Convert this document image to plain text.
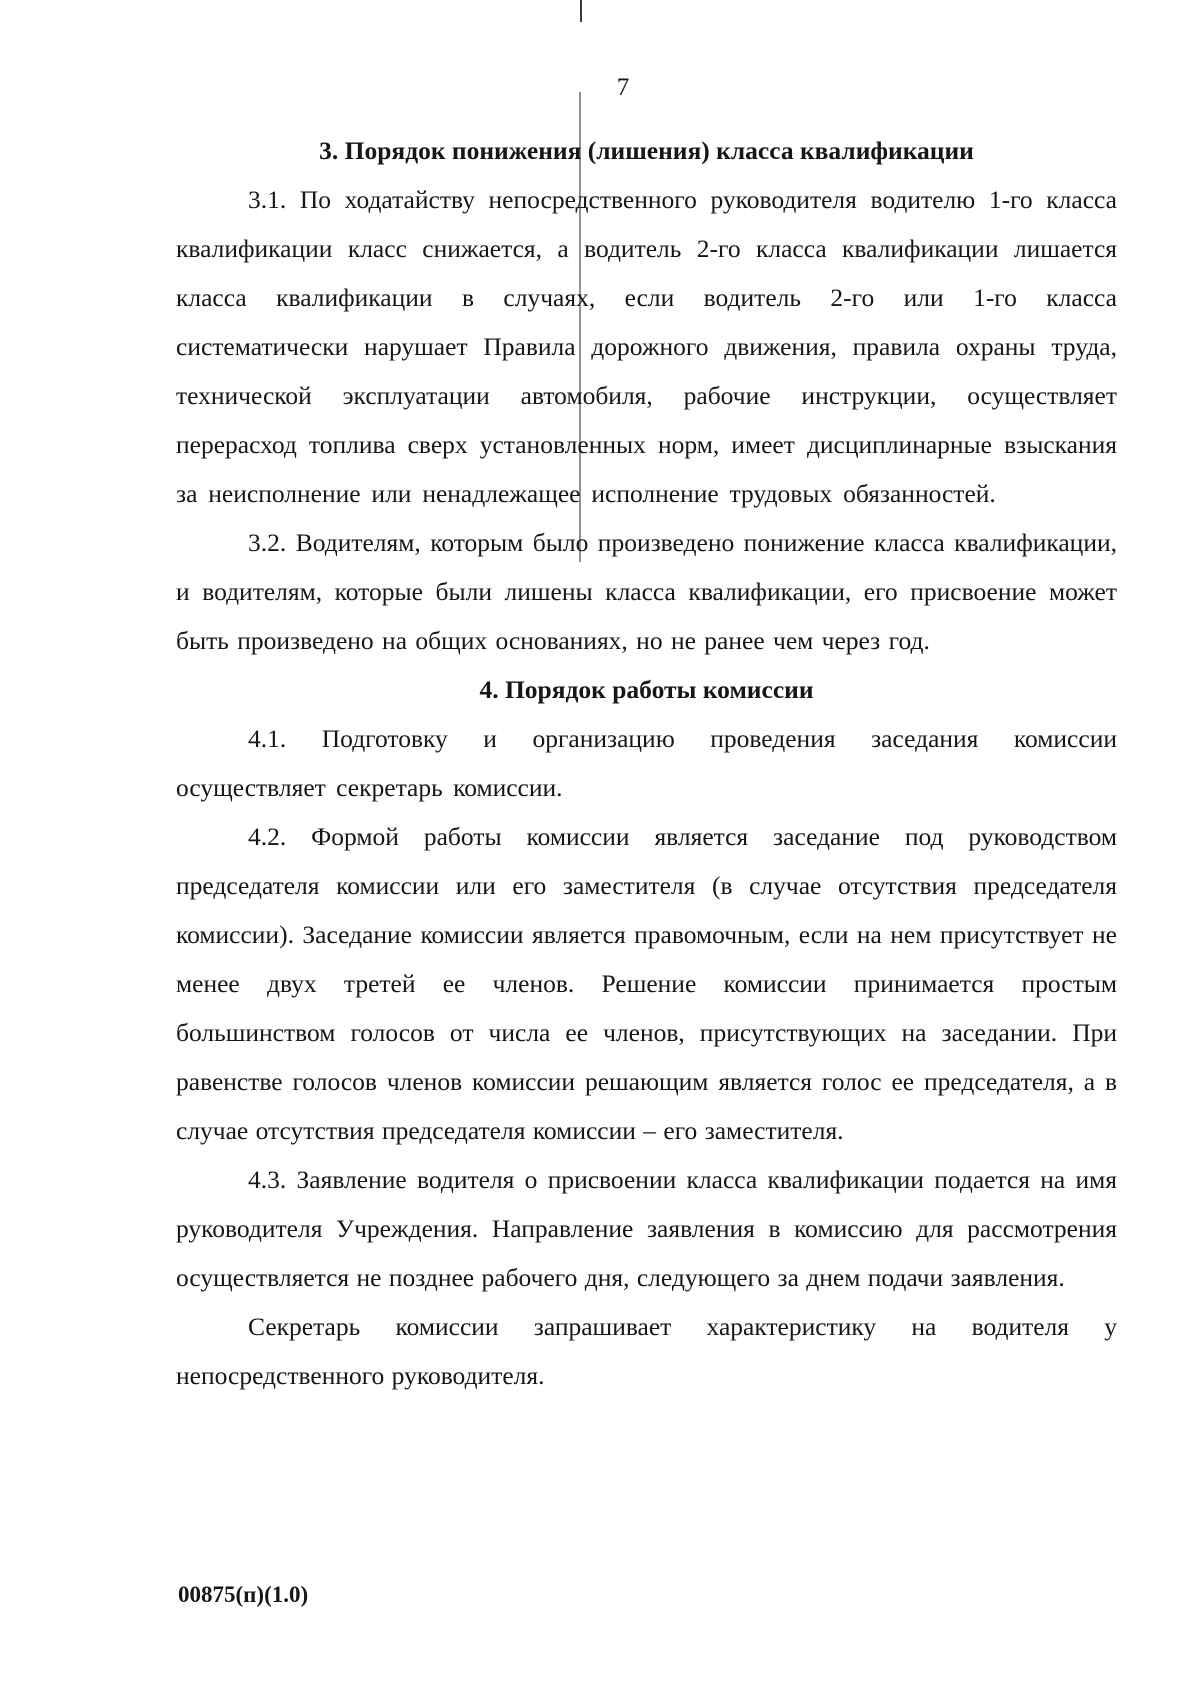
7
3. Порядок понижения (лишения) класса квалификации

3.1. По ходатайству непосредственного руководителя водителю 1-го класса квалификации класс снижается, а водитель 2-го класса квалификации лишается класса квалификации в случаях, если водитель 2-го или 1-го класса систематически нарушает Правила дорожного движения, правила охраны труда, технической эксплуатации автомобиля, рабочие инструкции, осуществляет перерасход топлива сверх установленных норм, имеет дисциплинарные взыскания за неисполнение или ненадлежащее исполнение трудовых обязанностей.

3.2. Водителям, которым было произведено понижение класса квалификации, и водителям, которые были лишены класса квалификации, его присвоение может быть произведено на общих основаниях, но не ранее чем через год.

4. Порядок работы комиссии

4.1. Подготовку и организацию проведения заседания комиссии осуществляет секретарь комиссии.

4.2. Формой работы комиссии является заседание под руководством председателя комиссии или его заместителя (в случае отсутствия председателя комиссии). Заседание комиссии является правомочным, если на нем присутствует не менее двух третей ее членов. Решение комиссии принимается простым большинством голосов от числа ее членов, присутствующих на заседании. При равенстве голосов членов комиссии решающим является голос ее председателя, а в случае отсутствия председателя комиссии – его заместителя.

4.3. Заявление водителя о присвоении класса квалификации подается на имя руководителя Учреждения. Направление заявления в комиссию для рассмотрения осуществляется не позднее рабочего дня, следующего за днем подачи заявления.

Секретарь комиссии запрашивает характеристику на водителя у непосредственного руководителя.

00875(п)(1.0)
